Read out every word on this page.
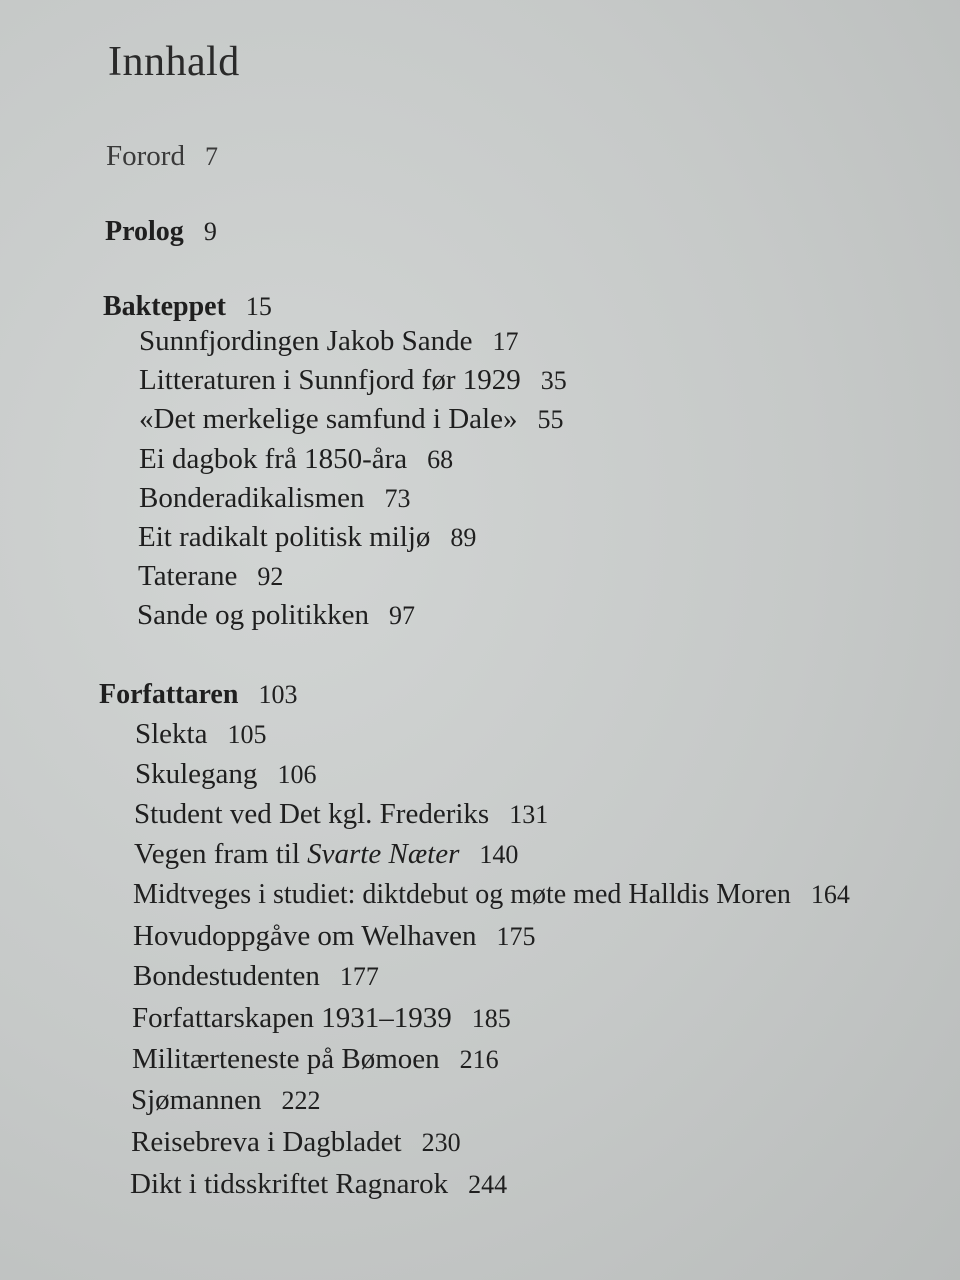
Innhald
Forord 7
Prolog 9
Bakteppet 15
Sunnfjordingen Jakob Sande 17
Litteraturen i Sunnfjord før 1929 35
«Det merkelige samfund i Dale» 55
Ei dagbok frå 1850-åra 68
Bonderadikalismen 73
Eit radikalt politisk miljø 89
Taterane 92
Sande og politikken 97
Forfattaren 103
Slekta 105
Skulegang 106
Student ved Det kgl. Frederiks 131
Vegen fram til Svarte Næter 140
Midtveges i studiet: diktdebut og møte med Halldis Moren 164
Hovudoppgåve om Welhaven 175
Bondestudenten 177
Forfattarskapen 1931–1939 185
Militærteneste på Bømoen 216
Sjømannen 222
Reisebreva i Dagbladet 230
Dikt i tidsskriftet Ragnarok 244
